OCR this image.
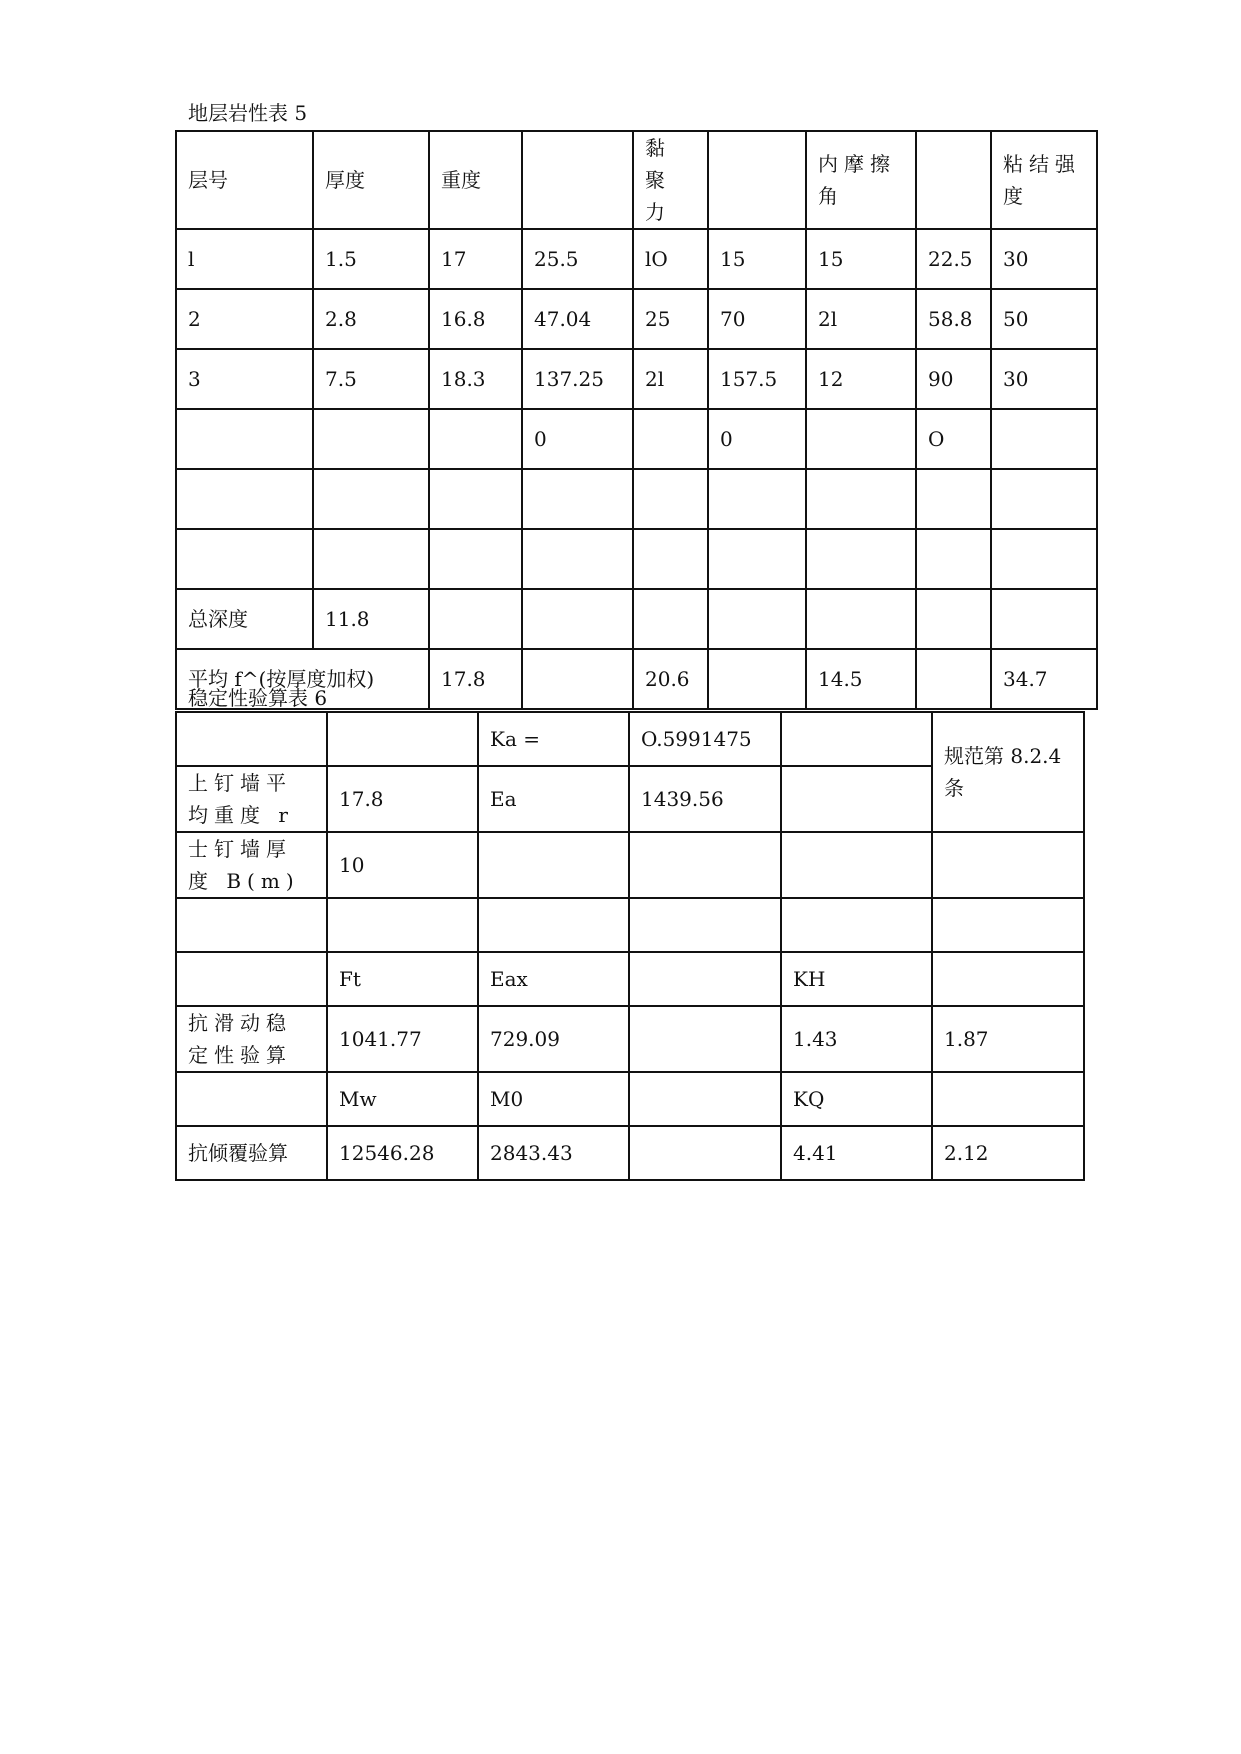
地层岩性表 5
层号	厚度	重度		黏聚力		内摩擦角		粘结强度
l	1.5	17	25.5	lO	15	15	22.5	30
2	2.8	16.8	47.04	25	70	2l	58.8	50
3	7.5	18.3	137.25	2l	157.5	12	90	30
			0		0		O	

总深度	11.8							
平均 f^(按厚度加权)		17.8		20.6		14.5		34.7
稳定性验算表 6
		Ka =	O.5991475		规范第 8.2.4 条
上钉墙平均重度 r	17.8	Ea	1439.56		
士钉墙厚度 B(m)	10				

	Ft	Eax		KH	
抗滑动稳定性验算	1041.77	729.09		1.43	1.87
	Mw	M0		KQ	
抗倾覆验算	12546.28	2843.43		4.41	2.12
